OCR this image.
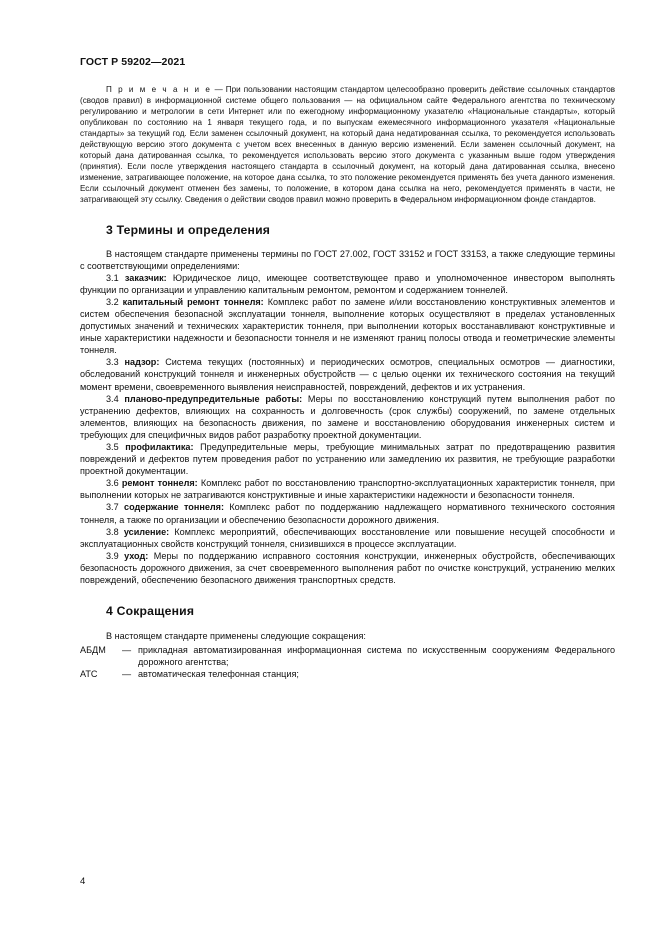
ГОСТ Р 59202—2021

П р и м е ч а н и е — При пользовании настоящим стандартом целесообразно проверить действие ссылочных стандартов (сводов правил) в информационной системе общего пользования — на официальном сайте Федерального агентства по техническому регулированию и метрологии в сети Интернет или по ежегодному информационному указателю «Национальные стандарты», который опубликован по состоянию на 1 января текущего года, и по выпускам ежемесячного информационного указателя «Национальные стандарты» за текущий год. Если заменен ссылочный документ, на который дана недатированная ссылка, то рекомендуется использовать действующую версию этого документа с учетом всех внесенных в данную версию изменений. Если заменен ссылочный документ, на который дана датированная ссылка, то рекомендуется использовать версию этого документа с указанным выше годом утверждения (принятия). Если после утверждения настоящего стандарта в ссылочный документ, на который дана датированная ссылка, внесено изменение, затрагивающее положение, на которое дана ссылка, то это положение рекомендуется применять без учета данного изменения. Если ссылочный документ отменен без замены, то положение, в котором дана ссылка на него, рекомендуется применять в части, не затрагивающей эту ссылку. Сведения о действии сводов правил можно проверить в Федеральном информационном фонде стандартов.

3 Термины и определения

В настоящем стандарте применены термины по ГОСТ 27.002, ГОСТ 33152 и ГОСТ 33153, а также следующие термины с соответствующими определениями:

3.1 заказчик: Юридическое лицо, имеющее соответствующее право и уполномоченное инвестором выполнять функции по организации и управлению капитальным ремонтом, ремонтом и содержанием тоннелей.

3.2 капитальный ремонт тоннеля: Комплекс работ по замене и/или восстановлению конструктивных элементов и систем обеспечения безопасной эксплуатации тоннеля, выполнение которых осуществляют в пределах установленных допустимых значений и технических характеристик тоннеля, при выполнении которых восстанавливают конструктивные и иные характеристики надежности и безопасности тоннеля и не изменяют границ полосы отвода и геометрические элементы тоннеля.

3.3 надзор: Система текущих (постоянных) и периодических осмотров, специальных осмотров — диагностики, обследований конструкций тоннеля и инженерных обустройств — с целью оценки их технического состояния на текущий момент времени, своевременного выявления неисправностей, повреждений, дефектов и их устранения.

3.4 планово-предупредительные работы: Меры по восстановлению конструкций путем выполнения работ по устранению дефектов, влияющих на сохранность и долговечность (срок службы) сооружений, по замене отдельных элементов, влияющих на безопасность движения, по замене и восстановлению оборудования инженерных систем и требующих для специфичных видов работ разработку проектной документации.

3.5 профилактика: Предупредительные меры, требующие минимальных затрат по предотвращению развития повреждений и дефектов путем проведения работ по устранению или замедлению их развития, не требующие разработки проектной документации.

3.6 ремонт тоннеля: Комплекс работ по восстановлению транспортно-эксплуатационных характеристик тоннеля, при выполнении которых не затрагиваются конструктивные и иные характеристики надежности и безопасности тоннеля.

3.7 содержание тоннеля: Комплекс работ по поддержанию надлежащего нормативного технического состояния тоннеля, а также по организации и обеспечению безопасности дорожного движения.

3.8 усиление: Комплекс мероприятий, обеспечивающих восстановление или повышение несущей способности и эксплуатационных свойств конструкций тоннеля, снизившихся в процессе эксплуатации.

3.9 уход: Меры по поддержанию исправного состояния конструкции, инженерных обустройств, обеспечивающих безопасность дорожного движения, за счет своевременного выполнения работ по очистке конструкций, устранению мелких повреждений, обеспечению безопасного движения транспортных средств.

4 Сокращения

В настоящем стандарте применены следующие сокращения:

АБДМ	— прикладная автоматизированная информационная система по искусственным сооружениям Федерального дорожного агентства;
АТС	— автоматическая телефонная станция;
4
